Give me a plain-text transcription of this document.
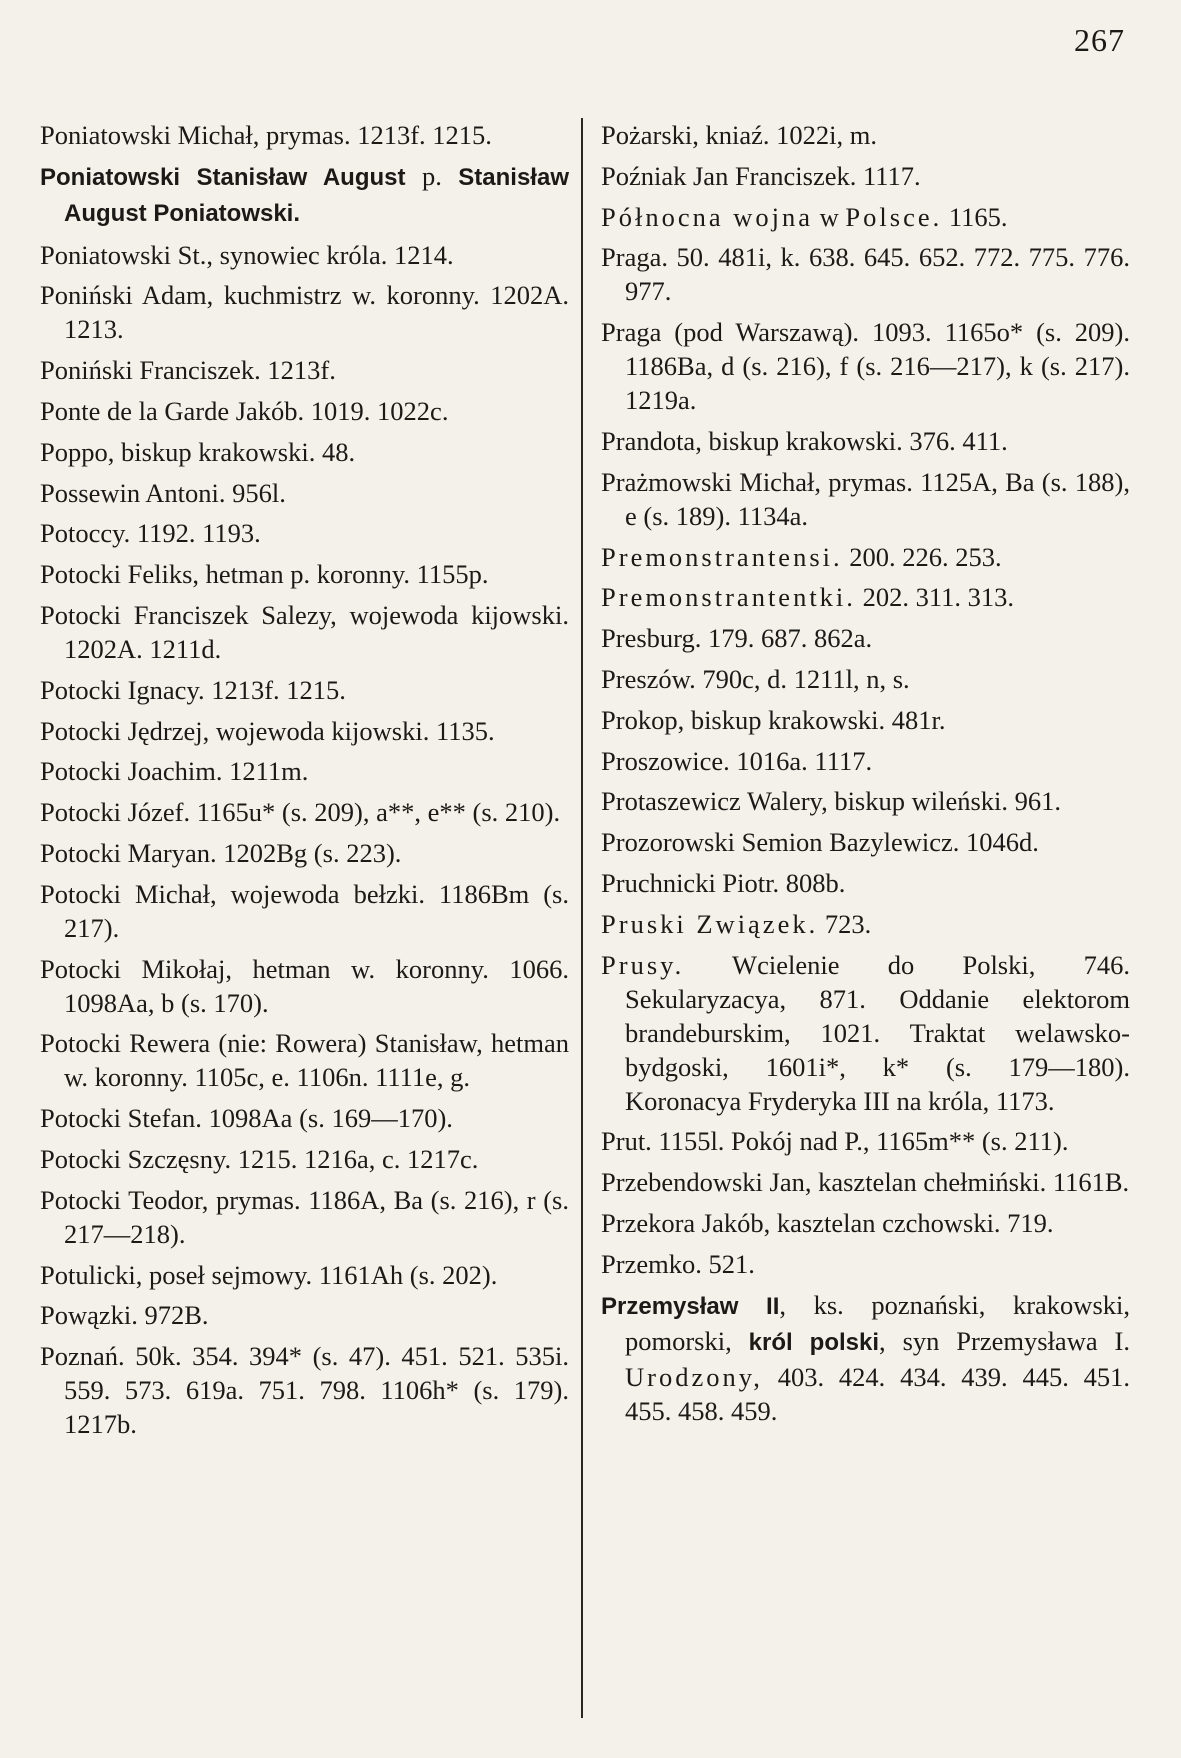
267

Poniatowski Michał, prymas. 1213f. 1215.

Poniatowski Stanisław August p. Stanisław August Poniatowski.

Poniatowski St., synowiec króla. 1214.

Poniński Adam, kuchmistrz w. koronny. 1202A. 1213.

Poniński Franciszek. 1213f.

Ponte de la Garde Jakób. 1019. 1022c.

Poppo, biskup krakowski. 48.

Possewin Antoni. 956l.

Potoccy. 1192. 1193.

Potocki Feliks, hetman p. koronny. 1155p.

Potocki Franciszek Salezy, wojewoda kijowski. 1202A. 1211d.

Potocki Ignacy. 1213f. 1215.

Potocki Jędrzej, wojewoda kijowski. 1135.

Potocki Joachim. 1211m.

Potocki Józef. 1165u* (s. 209), a**, e** (s. 210).

Potocki Maryan. 1202Bg (s. 223).

Potocki Michał, wojewoda bełzki. 1186Bm (s. 217).

Potocki Mikołaj, hetman w. koronny. 1066. 1098Aa, b (s. 170).

Potocki Rewera (nie: Rowera) Stanisław, hetman w. koronny. 1105c, e. 1106n. 1111e, g.

Potocki Stefan. 1098Aa (s. 169—170).

Potocki Szczęsny. 1215. 1216a, c. 1217c.

Potocki Teodor, prymas. 1186A, Ba (s. 216), r (s. 217—218).

Potulicki, poseł sejmowy. 1161Ah (s. 202).

Powązki. 972B.

Poznań. 50k. 354. 394* (s. 47). 451. 521. 535i. 559. 573. 619a. 751. 798. 1106h* (s. 179). 1217b.

Pożarski, kniaź. 1022i, m.

Poźniak Jan Franciszek. 1117.

Północna wojna w Polsce. 1165.

Praga. 50. 481i, k. 638. 645. 652. 772. 775. 776. 977.

Praga (pod Warszawą). 1093. 1165o* (s. 209). 1186Ba, d (s. 216), f (s. 216—217), k (s. 217). 1219a.

Prandota, biskup krakowski. 376. 411.

Prażmowski Michał, prymas. 1125A, Ba (s. 188), e (s. 189). 1134a.

Premonstrantensi. 200. 226. 253.

Premonstrantentki. 202. 311. 313.

Presburg. 179. 687. 862a.

Preszów. 790c, d. 1211l, n, s.

Prokop, biskup krakowski. 481r.

Proszowice. 1016a. 1117.

Protaszewicz Walery, biskup wileński. 961.

Prozorowski Semion Bazylewicz. 1046d.

Pruchnicki Piotr. 808b.

Pruski Związek. 723.

Prusy. Wcielenie do Polski, 746. Sekularyzacya, 871. Oddanie elektorom brandeburskim, 1021. Traktat welawsko-bydgoski, 1601i*, k* (s. 179—180). Koronacya Fryderyka III na króla, 1173.

Prut. 1155l. Pokój nad P., 1165m** (s. 211).

Przebendowski Jan, kasztelan chełmiński. 1161B.

Przekora Jakób, kasztelan czchowski. 719.

Przemko. 521.

Przemysław II, ks. poznański, krakowski, pomorski, król polski, syn Przemysława I. Urodzony, 403. 424. 434. 439. 445. 451. 455. 458. 459.
